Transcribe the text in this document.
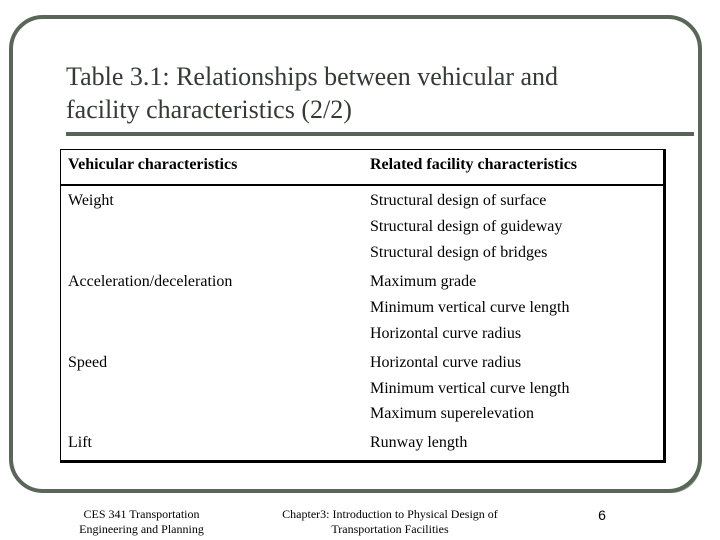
Table 3.1: Relationships between vehicular and
facility characteristics (2/2)
Vehicular characteristics	Related facility characteristics
Weight	Structural design of surface
Structural design of guideway
Structural design of bridges
Acceleration/deceleration	Maximum grade
Minimum vertical curve length
Horizontal curve radius
Speed	Horizontal curve radius
Minimum vertical curve length
Maximum superelevation
Lift	Runway length
CES 341 Transportation
Engineering and Planning
Chapter3: Introduction to Physical Design of
Transportation Facilities
6
